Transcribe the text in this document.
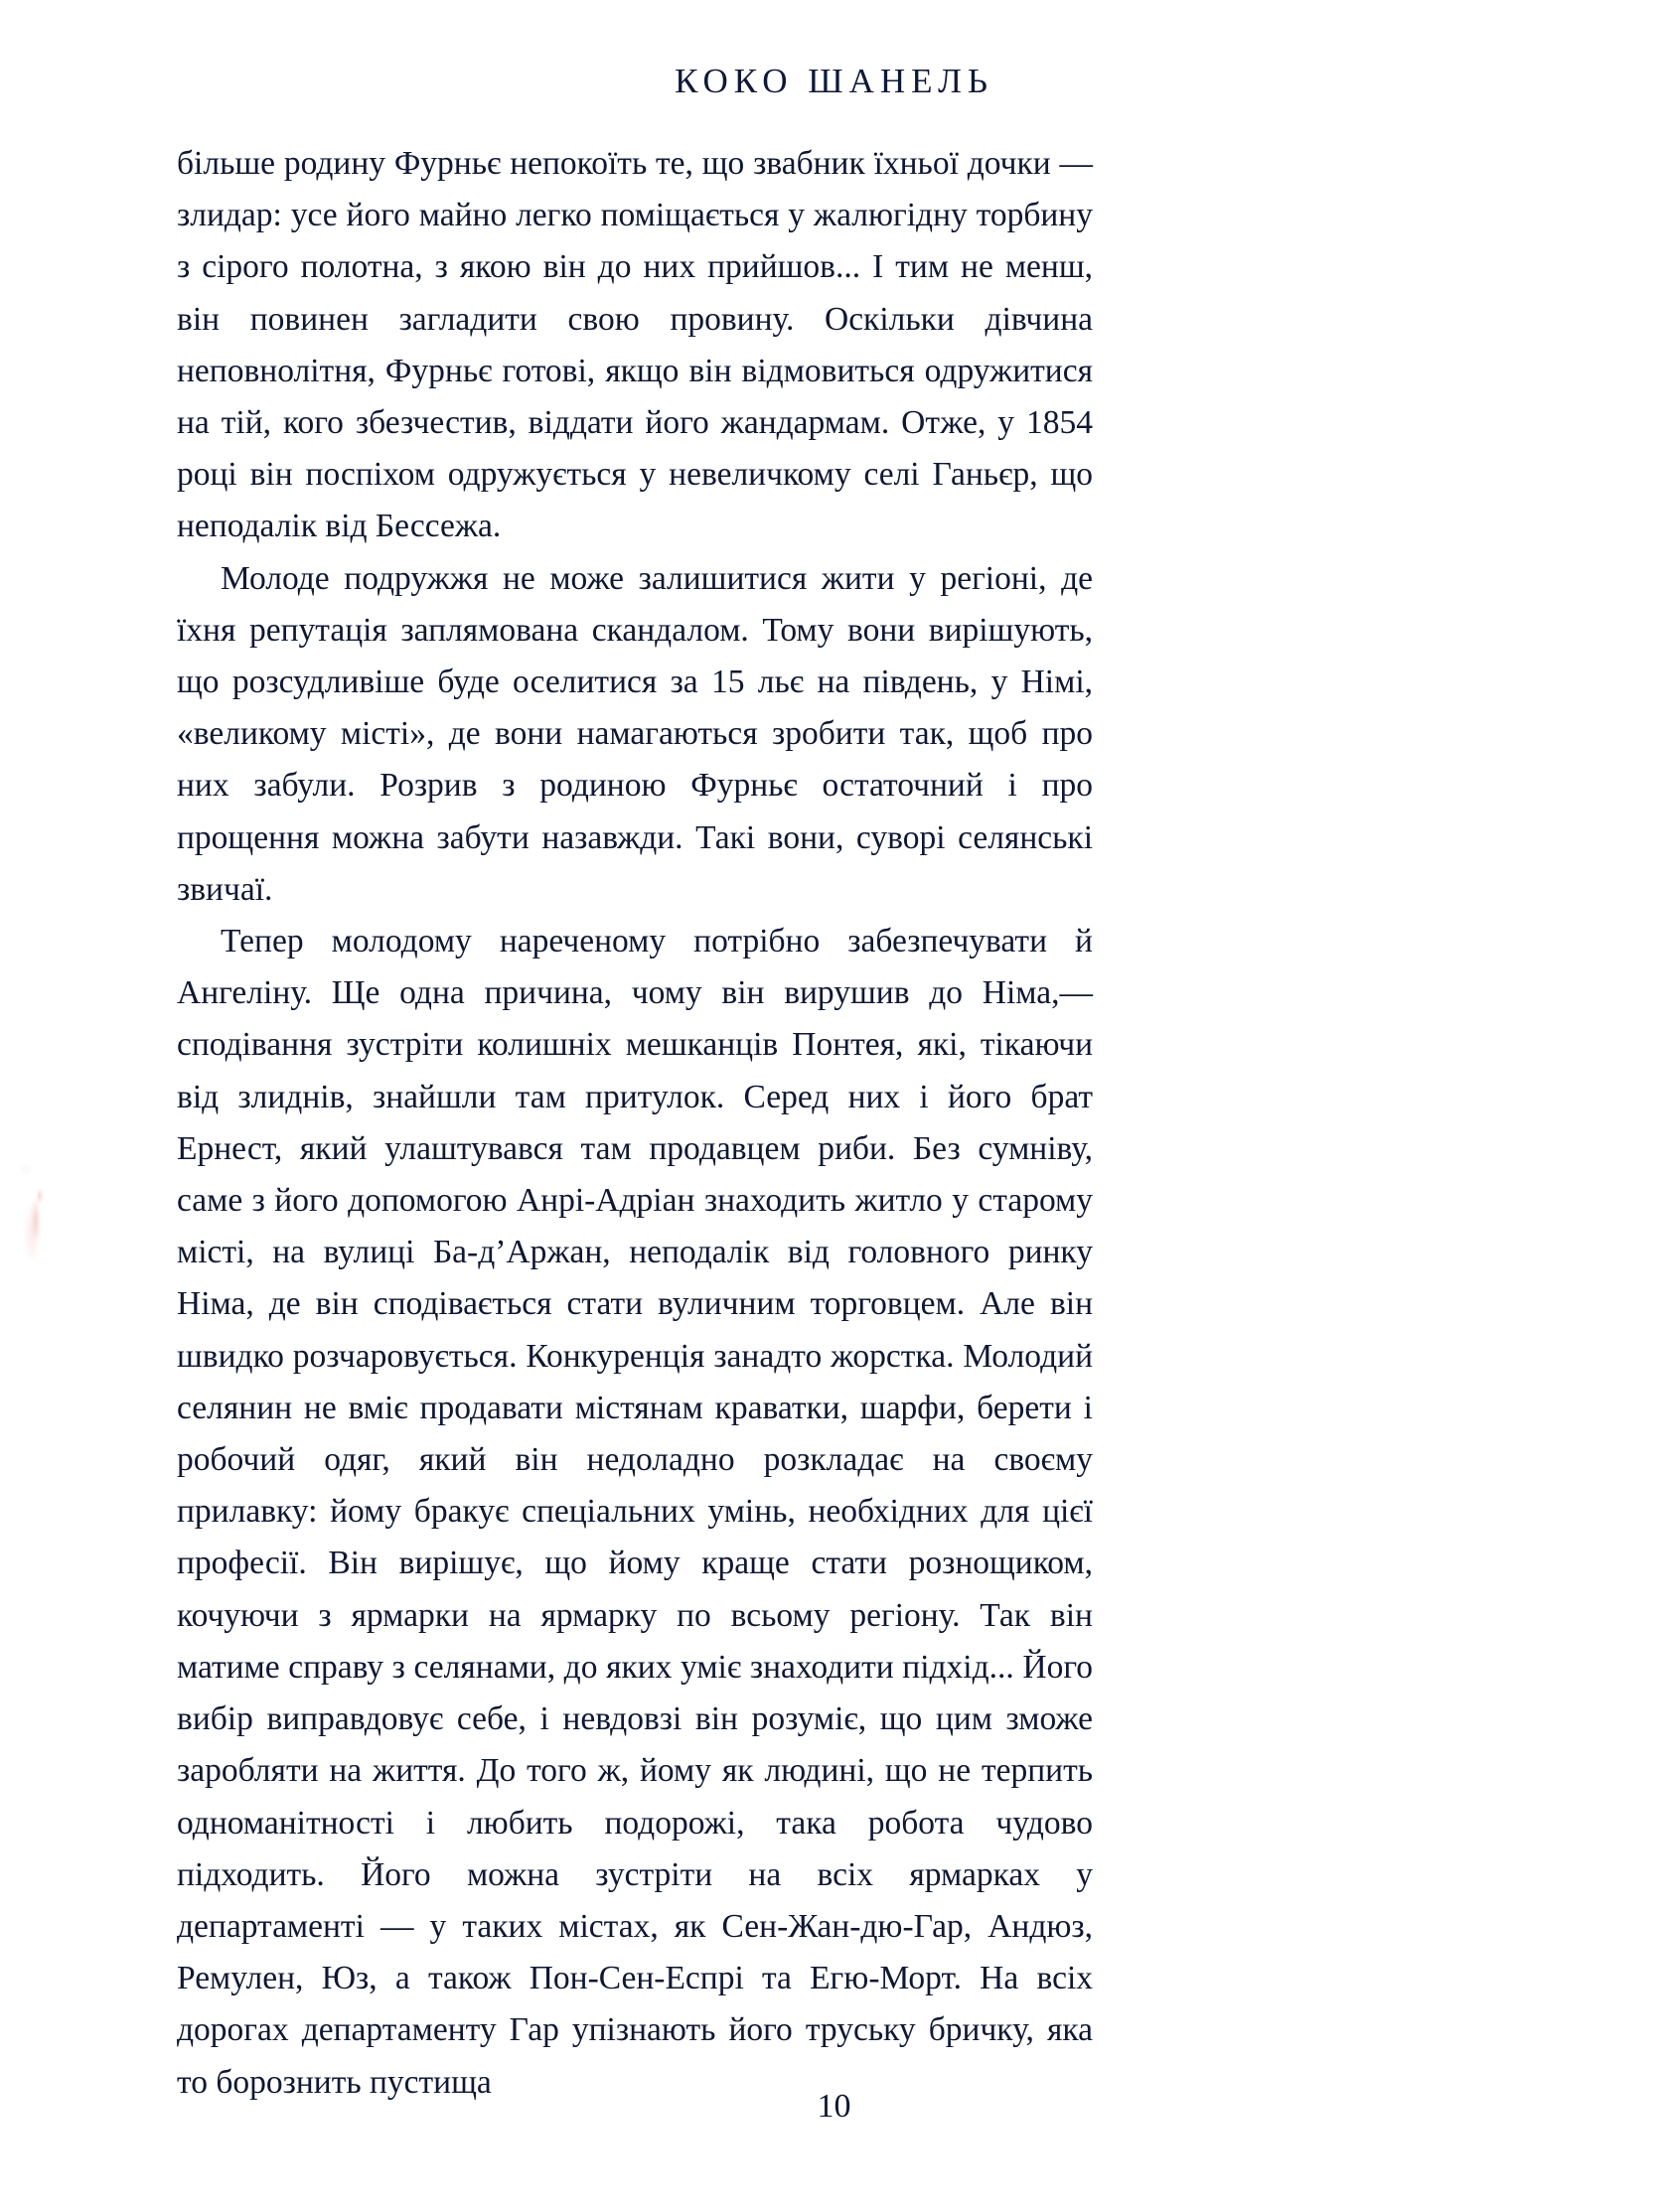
КОКО ШАНЕЛЬ

більше родину Фурньє непокоїть те, що звабник їхньої дочки — злидар: усе його майно легко поміщається у жалюгідну торбину з сірого полотна, з якою він до них прийшов... І тим не менш, він повинен загладити свою провину. Оскільки дівчина неповнолітня, Фурньє готові, якщо він відмовиться одружитися на тій, кого збезчестив, віддати його жандармам. Отже, у 1854 році він поспіхом одружується у невеличкому селі Ганьєр, що неподалік від Бессежа.

Молоде подружжя не може залишитися жити у регіоні, де їхня репутація заплямована скандалом. Тому вони вирішують, що розсудливіше буде оселитися за 15 льє на південь, у Німі, «великому місті», де вони намагаються зробити так, щоб про них забули. Розрив з родиною Фурньє остаточний і про прощення можна забути назавжди. Такі вони, суворі селянські звичаї.

Тепер молодому нареченому потрібно забезпечувати й Ангеліну. Ще одна причина, чому він вирушив до Німа,— сподівання зустріти колишніх мешканців Понтея, які, тікаючи від злиднів, знайшли там притулок. Серед них і його брат Ернест, який улаштувався там продавцем риби. Без сумніву, саме з його допомогою Анрі-Адріан знаходить житло у старому місті, на вулиці Ба-д’Аржан, неподалік від головного ринку Німа, де він сподівається стати вуличним торговцем. Але він швидко розчаровується. Конкуренція занадто жорстка. Молодий селянин не вміє продавати містянам краватки, шарфи, берети і робочий одяг, який він недоладно розкладає на своєму прилавку: йому бракує спеціальних умінь, необхідних для цієї професії. Він вирішує, що йому краще стати рознощиком, кочуючи з ярмарки на ярмарку по всьому регіону. Так він матиме справу з селянами, до яких уміє знаходити підхід... Його вибір виправдовує себе, і невдовзі він розуміє, що цим зможе заробляти на життя. До того ж, йому як людині, що не терпить одноманітності і любить подорожі, така робота чудово підходить. Його можна зустріти на всіх ярмарках у департаменті — у таких містах, як Сен-Жан-дю-Гар, Андюз, Ремулен, Юз, а також Пон-Сен-Еспрі та Егю-Морт. На всіх дорогах департаменту Гар упізнають його труську бричку, яка то борознить пустища

10
